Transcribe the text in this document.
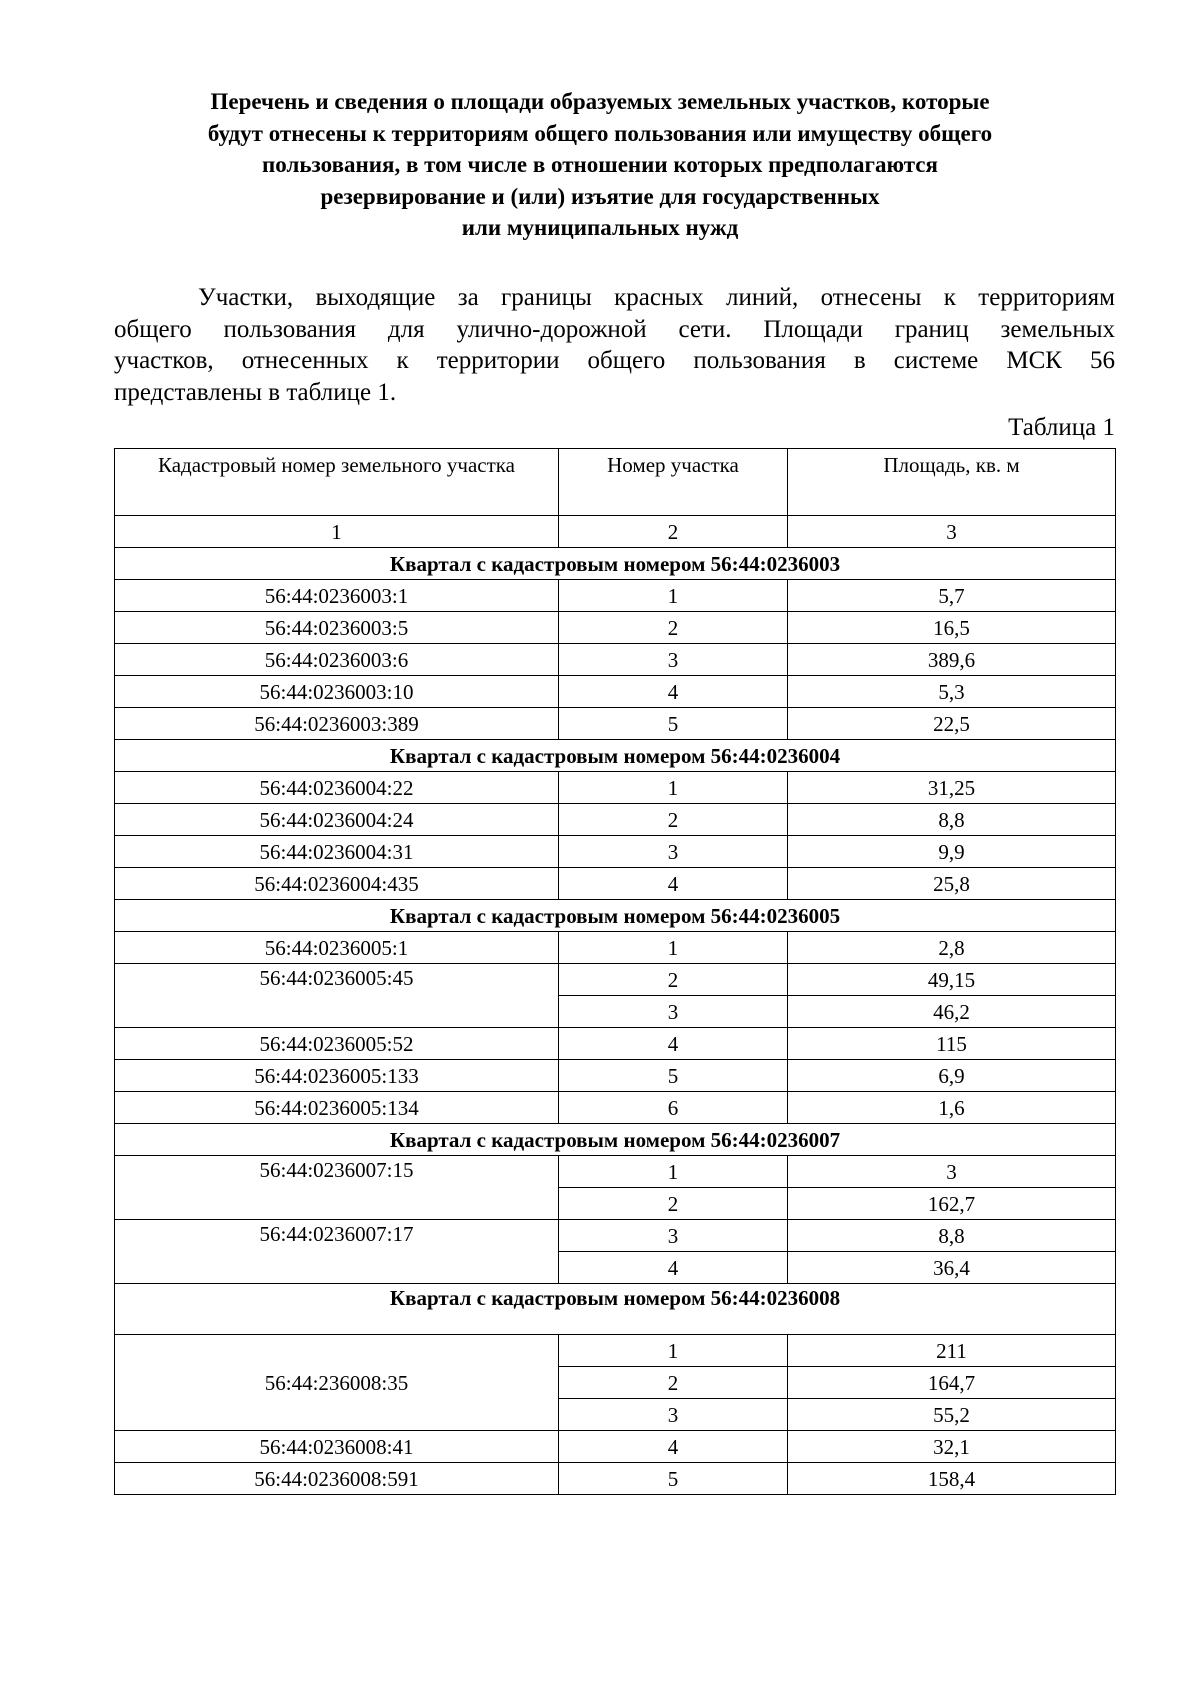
Перечень и сведения о площади образуемых земельных участков, которые
будут отнесены к территориям общего пользования или имуществу общего
пользования, в том числе в отношении которых предполагаются
резервирование и (или) изъятие для государственных
или муниципальных нужд
Участки, выходящие за границы красных линий, отнесены к территориям
общего пользования для улично-дорожной сети. Площади границ земельных
участков, отнесенных к территории общего пользования в системе МСК 56
представлены в таблице 1.
Таблица 1
Кадастровый номер земельного участка	Номер участка	Площадь, кв. м
1	2	3
Квартал с кадастровым номером 56:44:0236003		
56:44:0236003:1	1	5,7
56:44:0236003:5	2	16,5
56:44:0236003:6	3	389,6
56:44:0236003:10	4	5,3
56:44:0236003:389	5	22,5
Квартал с кадастровым номером 56:44:0236004		
56:44:0236004:22	1	31,25
56:44:0236004:24	2	8,8
56:44:0236004:31	3	9,9
56:44:0236004:435	4	25,8
Квартал с кадастровым номером 56:44:0236005		
56:44:0236005:1	1	2,8
56:44:0236005:45	2	49,15
	3	46,2
56:44:0236005:52	4	115
56:44:0236005:133	5	6,9
56:44:0236005:134	6	1,6
Квартал с кадастровым номером 56:44:0236007		
56:44:0236007:15	1	3
	2	162,7
56:44:0236007:17	3	8,8
	4	36,4
Квартал с кадастровым номером 56:44:0236008		
56:44:236008:35	1	211
	2	164,7
	3	55,2
56:44:0236008:41	4	32,1
56:44:0236008:591	5	158,4
